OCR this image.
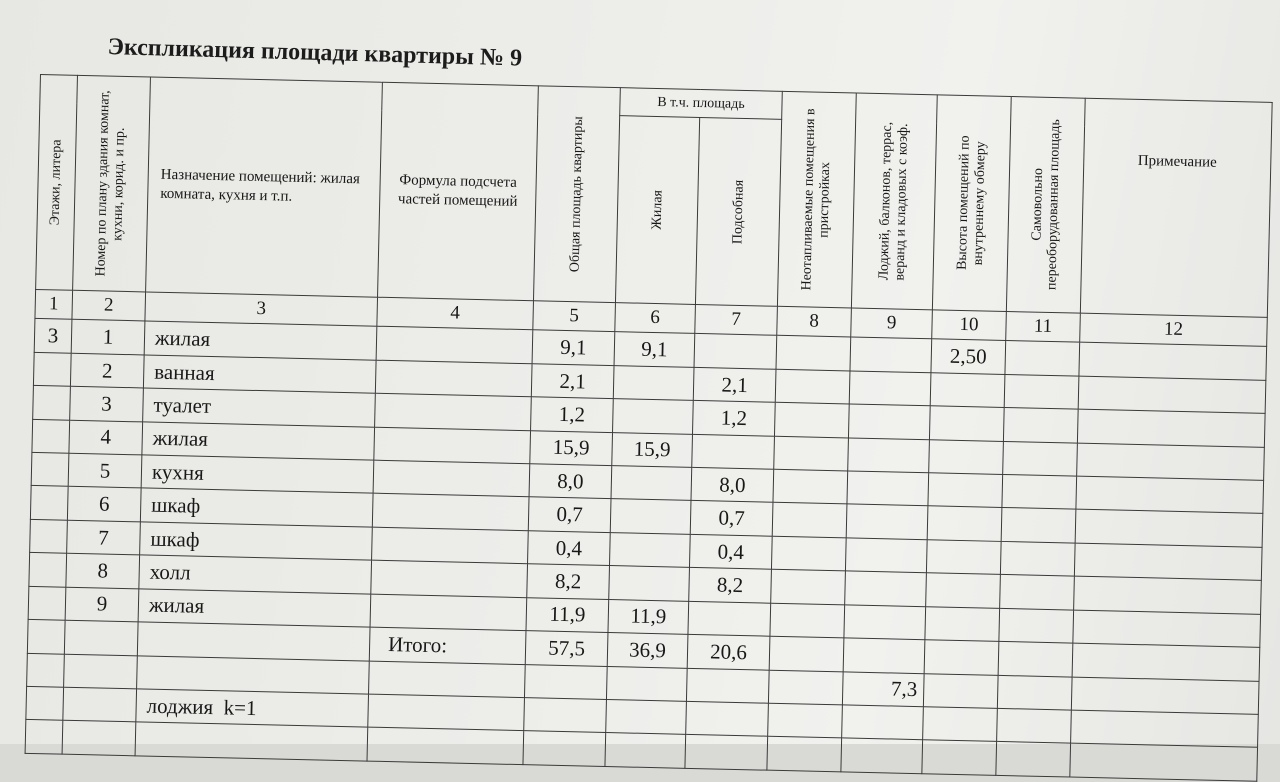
Экспликация площади квартиры № 9
Этажи, литера	Номер по плану здания комнат, кухни, корид. и пр.	Назначение помещений: жилая комната, кухня и т.п.	Формула подсчета частей помещений	Общая площадь квартиры	В т.ч. площадь		Неотапливаемые помещения в пристройках	Лоджий, балконов, террас, веранд и кладовых с коэф.	Высота помещений по внутреннему обмеру	Самовольно переоборудованная площадь	Примечание

					Жилая	Подсобная					

1	2	3	4	5	6	7	8	9	10	11	12
3	1	жилая		9,1	9,1				2,50		
	2	ванная		2,1		2,1					
	3	туалет		1,2		1,2					
	4	жилая		15,9	15,9						
	5	кухня		8,0		8,0					
	6	шкаф		0,7		0,7					
	7	шкаф		0,4		0,4					
	8	холл		8,2		8,2					
	9	жилая		11,9	11,9						
			Итого:	57,5	36,9	20,6					
								7,3			
		лоджия  k=1									
